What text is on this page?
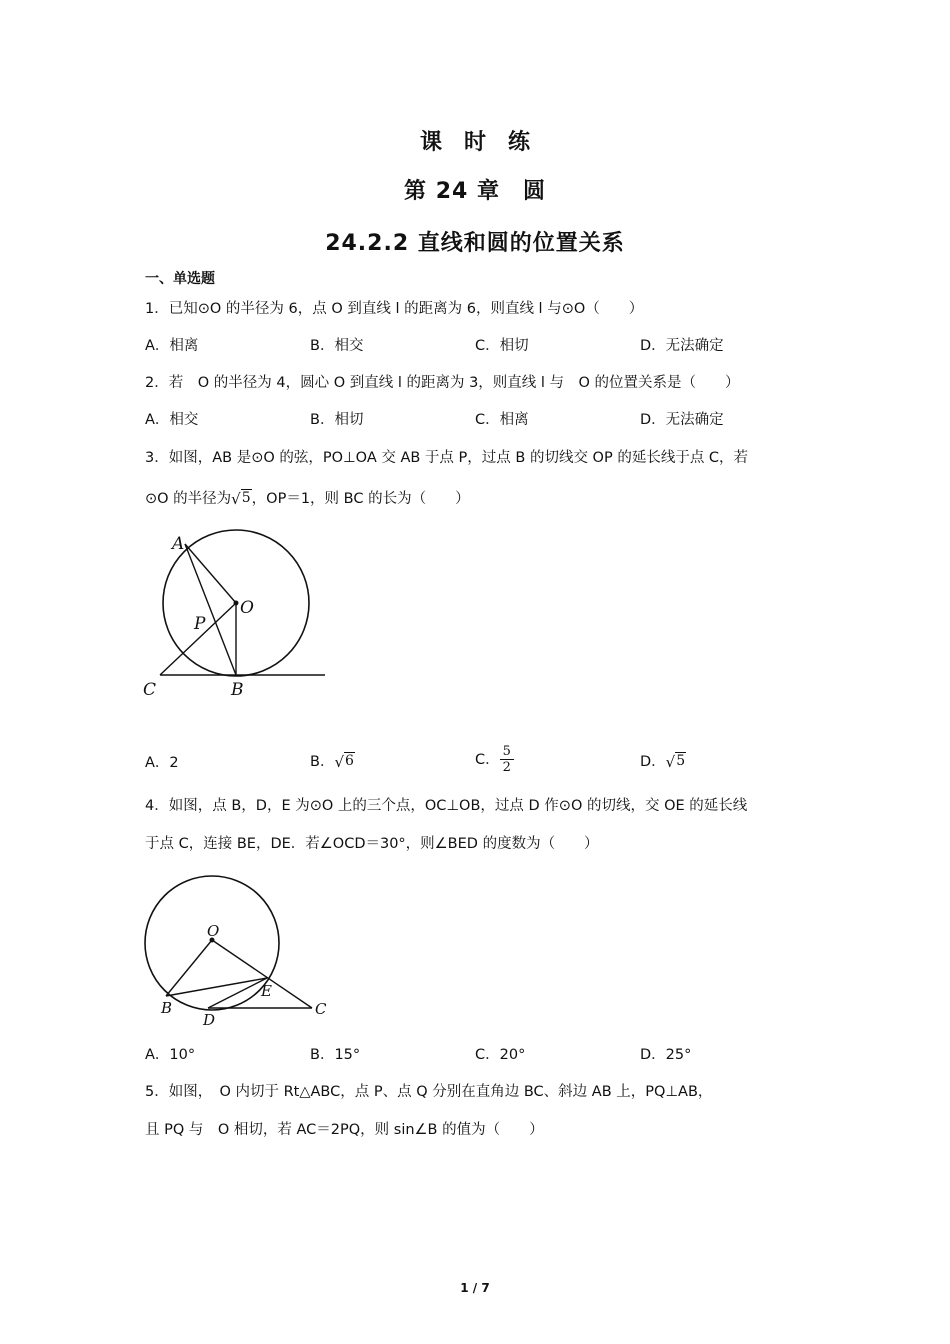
课时练
第 24 章　圆
24.2.2 直线和圆的位置关系
一、单选题
1．已知⊙O 的半径为 6，点 O 到直线 l 的距离为 6，则直线 l 与⊙O（　　）
A．相离	B．相交	C．相切	D．无法确定
2．若　O 的半径为 4，圆心 O 到直线 l 的距离为 3，则直线 l 与　O 的位置关系是（　　）
A．相交	B．相切	C．相离	D．无法确定
3．如图，AB 是⊙O 的弦，PO⊥OA 交 AB 于点 P，过点 B 的切线交 OP 的延长线于点 C，若
⊙O 的半径为 √ 5 ，OP＝1，则 BC 的长为（　　）
A
O
P
C	B
A．2	B． √ 6	C． $\frac{5}{2}$	D． √ 5
4．如图，点 B，D，E 为⊙O 上的三个点，OC⊥OB，过点 D 作⊙O 的切线，交 OE 的延长线
于点 C，连接 BE，DE．若∠OCD＝30°，则∠BED 的度数为（　　）
O
E
B
D
C
A．10°	B．15°	C．20°	D．25°
5．如图，　O 内切于 Rt△ABC，点 P、点 Q 分别在直角边 BC、斜边 AB 上，PQ⊥AB，
且 PQ 与　O 相切，若 AC＝2PQ，则 sin∠B 的值为（　　）
1 / 7
